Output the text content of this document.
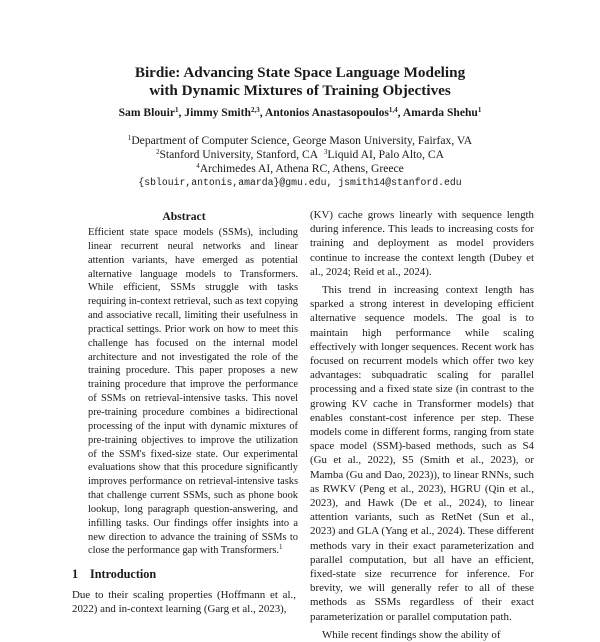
Birdie: Advancing State Space Language Modeling
with Dynamic Mixtures of Training Objectives
Sam Blouir$^1$, Jimmy Smith$^{2,3}$, Antonios Anastasopoulos$^{1,4}$, Amarda Shehu$^1$
$^1$Department of Computer Science, George Mason University, Fairfax, VA
$^2$Stanford University, Stanford, CA $^3$Liquid AI, Palo Alto, CA
$^4$Archimedes AI, Athena RC, Athens, Greece
{sblouir,antonis,amarda}@gmu.edu, jsmith14@stanford.edu
Abstract

Efficient state space models (SSMs), including linear recurrent neural networks and linear attention variants, have emerged as potential alternative language models to Transformers. While efficient, SSMs struggle with tasks requiring in-context retrieval, such as text copying and associative recall, limiting their usefulness in practical settings. Prior work on how to meet this challenge has focused on the internal model architecture and not investigated the role of the training procedure. This paper proposes a new training procedure that improve the performance of SSMs on retrieval-intensive tasks. This novel pre-training procedure combines a bidirectional processing of the input with dynamic mixtures of pre-training objectives to improve the utilization of the SSM's fixed-size state. Our experimental evaluations show that this procedure significantly improves performance on retrieval-intensive tasks that challenge current SSMs, such as phone book lookup, long paragraph question-answering, and infilling tasks. Our findings offer insights into a new direction to advance the training of SSMs to close the performance gap with Transformers.$^1$

1 Introduction

Due to their scaling properties (Hoffmann et al., 2022) and in-context learning (Garg et al., 2023),

(KV) cache grows linearly with sequence length during inference. This leads to increasing costs for training and deployment as model providers continue to increase the context length (Dubey et al., 2024; Reid et al., 2024).

This trend in increasing context length has sparked a strong interest in developing efficient alternative sequence models. The goal is to maintain high performance while scaling effectively with longer sequences. Recent work has focused on recurrent models which offer two key advantages: subquadratic scaling for parallel processing and a fixed state size (in contrast to the growing KV cache in Transformer models) that enables constant-cost inference per step. These models come in different forms, ranging from state space model (SSM)-based methods, such as S4 (Gu et al., 2022), S5 (Smith et al., 2023), or Mamba (Gu and Dao, 2023)), to linear RNNs, such as RWKV (Peng et al., 2023), HGRU (Qin et al., 2023), and Hawk (De et al., 2024), to linear attention variants, such as RetNet (Sun et al., 2023) and GLA (Yang et al., 2024). These different methods vary in their exact parameterization and parallel computation, but all have an efficient, fixed-state size recurrence for inference. For brevity, we will generally refer to all of these methods as SSMs regardless of their exact parameterization or parallel computation path.

While recent findings show the ability of
